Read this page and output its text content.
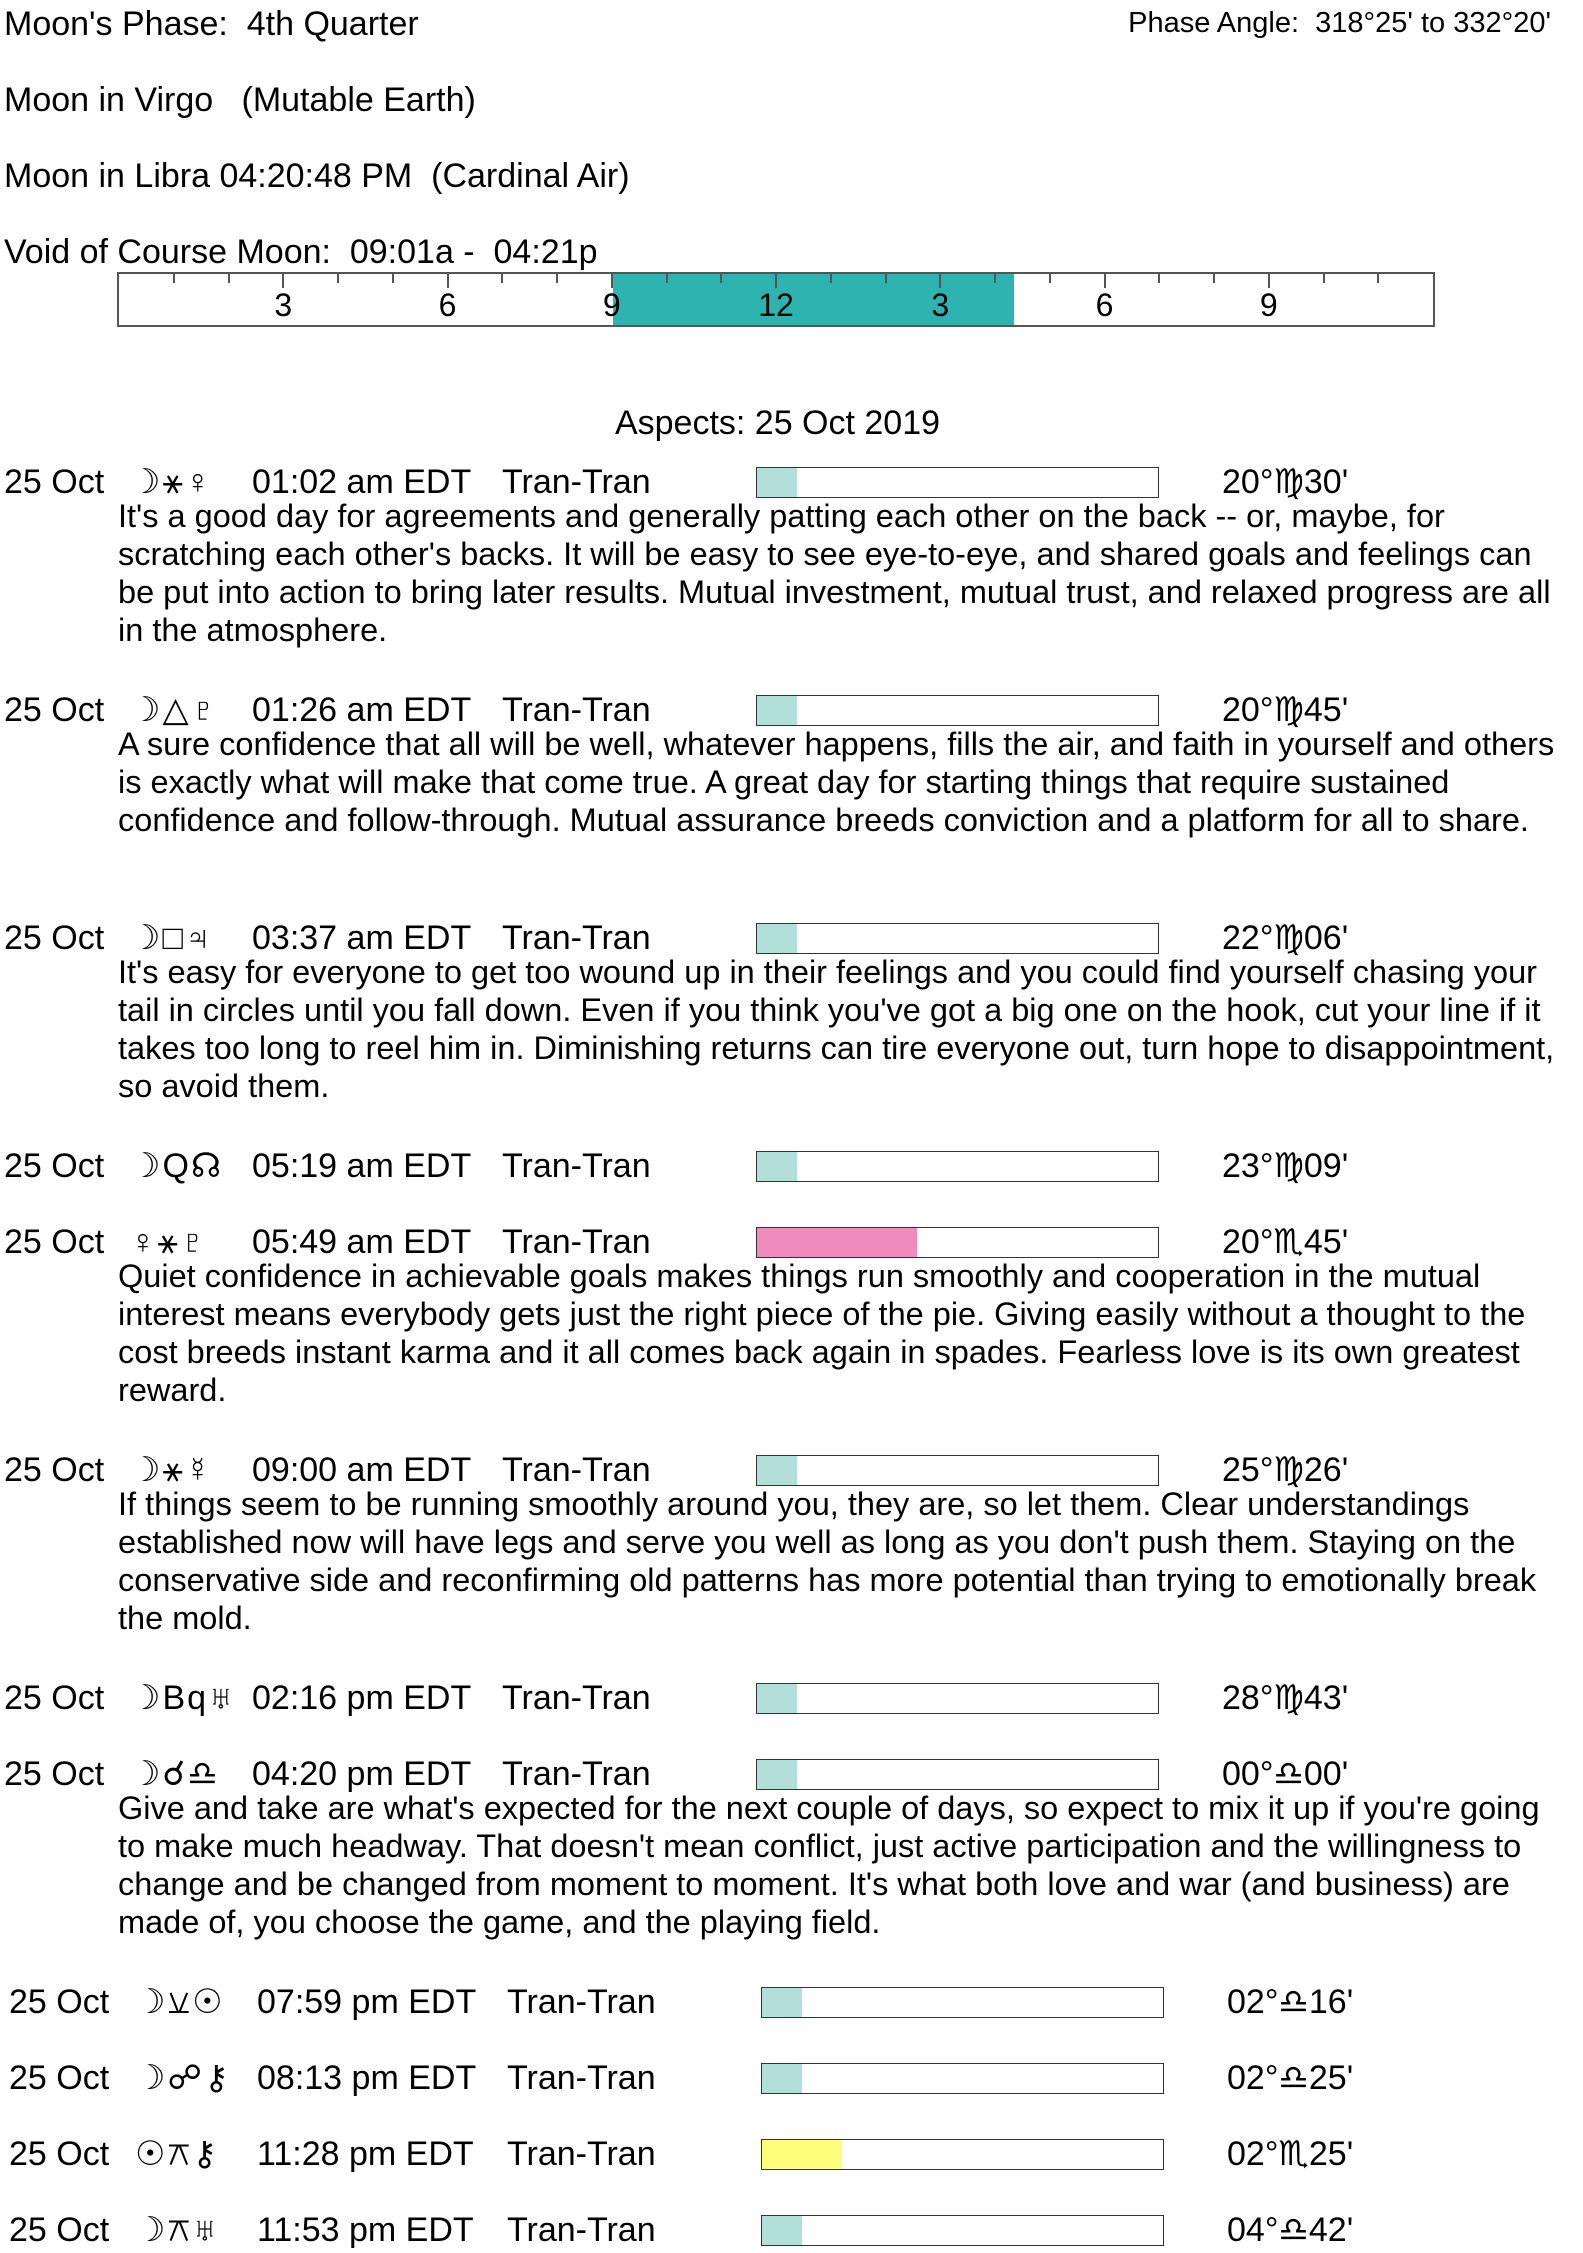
Moon's Phase:  4th Quarter	Phase Angle:  318°25' to 332°20'
Moon in Virgo   (Mutable Earth)
Moon in Libra 04:20:48 PM  (Cardinal Air)
Void of Course Moon:  09:01a -  04:21p
3	6	9	12	3	6	9
Aspects: 25 Oct 2019
25 Oct ☽⚹♀ 01:02 am EDT Tran-Tran	20°♍30'
It's a good day for agreements and generally patting each other on the back -- or, maybe, for scratching each other's backs. It will be easy to see eye-to-eye, and shared goals and feelings can be put into action to bring later results. Mutual investment, mutual trust, and relaxed progress are all in the atmosphere.
25 Oct ☽△♇ 01:26 am EDT Tran-Tran	20°♍45'
A sure confidence that all will be well, whatever happens, fills the air, and faith in yourself and others is exactly what will make that come true. A great day for starting things that require sustained confidence and follow-through. Mutual assurance breeds conviction and a platform for all to share.
25 Oct ☽□♃ 03:37 am EDT Tran-Tran	22°♍06'
It's easy for everyone to get too wound up in their feelings and you could find yourself chasing your tail in circles until you fall down. Even if you think you've got a big one on the hook, cut your line if it takes too long to reel him in. Diminishing returns can tire everyone out, turn hope to disappointment, so avoid them.
25 Oct ☽Q☊ 05:19 am EDT Tran-Tran	23°♍09'
25 Oct ♀⚹♇ 05:49 am EDT Tran-Tran	20°♏45'
Quiet confidence in achievable goals makes things run smoothly and cooperation in the mutual interest means everybody gets just the right piece of the pie. Giving easily without a thought to the cost breeds instant karma and it all comes back again in spades. Fearless love is its own greatest reward.
25 Oct ☽⚹☿ 09:00 am EDT Tran-Tran	25°♍26'
If things seem to be running smoothly around you, they are, so let them. Clear understandings established now will have legs and serve you well as long as you don't push them. Staying on the conservative side and reconfirming old patterns has more potential than trying to emotionally break the mold.
25 Oct ☽Bq♅ 02:16 pm EDT Tran-Tran	28°♍43'
25 Oct ☽☌♎ 04:20 pm EDT Tran-Tran	00°♎00'
Give and take are what's expected for the next couple of days, so expect to mix it up if you're going to make much headway. That doesn't mean conflict, just active participation and the willingness to change and be changed from moment to moment. It's what both love and war (and business) are made of, you choose the game, and the playing field.
25 Oct ☽⚺☉ 07:59 pm EDT Tran-Tran	02°♎16'
25 Oct ☽☍⚷ 08:13 pm EDT Tran-Tran	02°♎25'
25 Oct ☉⚻⚷ 11:28 pm EDT Tran-Tran	02°♏25'
25 Oct ☽⚻♅ 11:53 pm EDT Tran-Tran	04°♎42'
